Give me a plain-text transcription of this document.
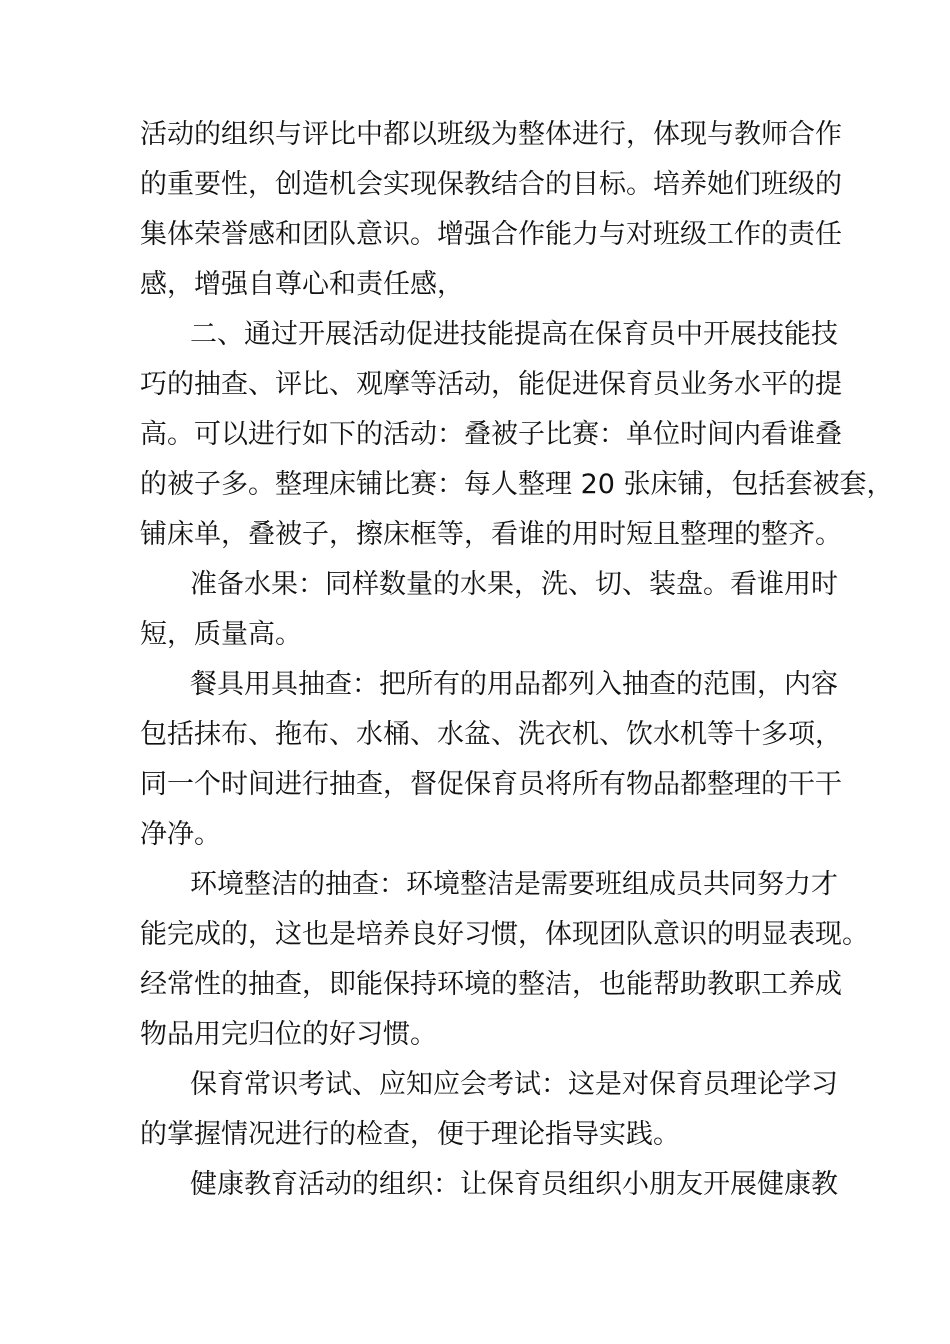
活动的组织与评比中都以班级为整体进行，体现与教师合作
的重要性，创造机会实现保教结合的目标。培养她们班级的
集体荣誉感和团队意识。增强合作能力与对班级工作的责任
感，增强自尊心和责任感，
二、通过开展活动促进技能提高在保育员中开展技能技
巧的抽查、评比、观摩等活动，能促进保育员业务水平的提
高。可以进行如下的活动：叠被子比赛：单位时间内看谁叠
的被子多。整理床铺比赛：每人整理 20 张床铺，包括套被套，
铺床单，叠被子，擦床框等，看谁的用时短且整理的整齐。
准备水果：同样数量的水果，洗、切、装盘。看谁用时
短，质量高。
餐具用具抽查：把所有的用品都列入抽查的范围，内容
包括抹布、拖布、水桶、水盆、洗衣机、饮水机等十多项，
同一个时间进行抽查，督促保育员将所有物品都整理的干干
净净。
环境整洁的抽查：环境整洁是需要班组成员共同努力才
能完成的，这也是培养良好习惯，体现团队意识的明显表现。
经常性的抽查，即能保持环境的整洁，也能帮助教职工养成
物品用完归位的好习惯。
保育常识考试、应知应会考试：这是对保育员理论学习
的掌握情况进行的检查，便于理论指导实践。
健康教育活动的组织：让保育员组织小朋友开展健康教
